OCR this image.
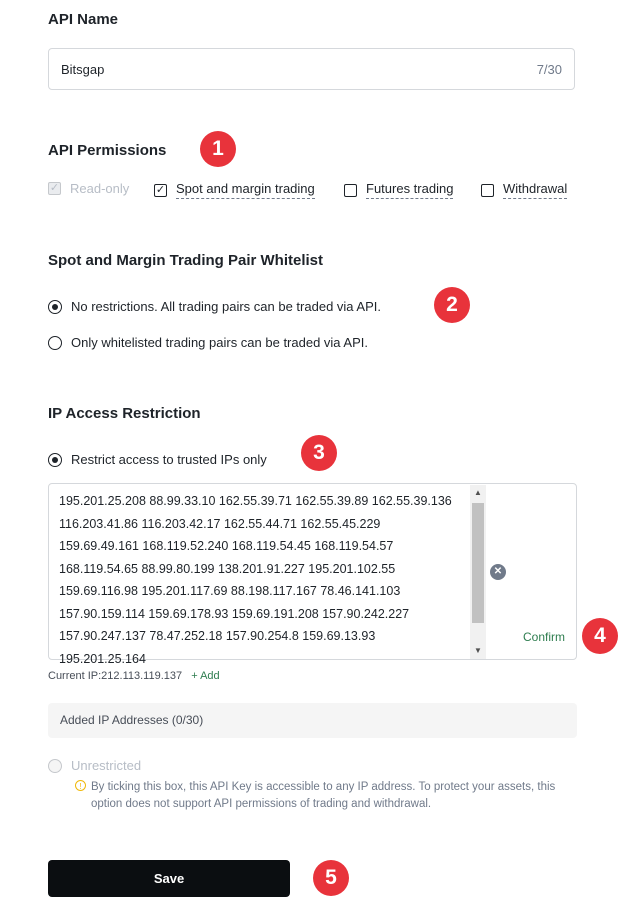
API Name
Bitsgap	7/30
API Permissions	1
✓ Read-only ✓ Spot and margin trading	Futures trading	Withdrawal
Spot and Margin Trading Pair Whitelist
No restrictions. All trading pairs can be traded via API.	2
Only whitelisted trading pairs can be traded via API.
IP Access Restriction
Restrict access to trusted IPs only	3
195.201.25.208 88.99.33.10 162.55.39.71 162.55.39.89 162.55.39.136
116.203.41.86 116.203.42.17 162.55.44.71 162.55.45.229
159.69.49.161 168.119.52.240 168.119.54.45 168.119.54.57
168.119.54.65 88.99.80.199 138.201.91.227 195.201.102.55
159.69.116.98 195.201.117.69 88.198.117.167 78.46.141.103
157.90.159.114 159.69.178.93 159.69.191.208 157.90.242.227
157.90.247.137 78.47.252.18 157.90.254.8 159.69.13.93
195.201.25.164
▲
▼
✕
Confirm	4
Current IP:212.113.119.137 + Add
Added IP Addresses (0/30)
Unrestricted
! By ticking this box, this API Key is accessible to any IP address. To protect your assets, this option does not support API permissions of trading and withdrawal.
Save	5
